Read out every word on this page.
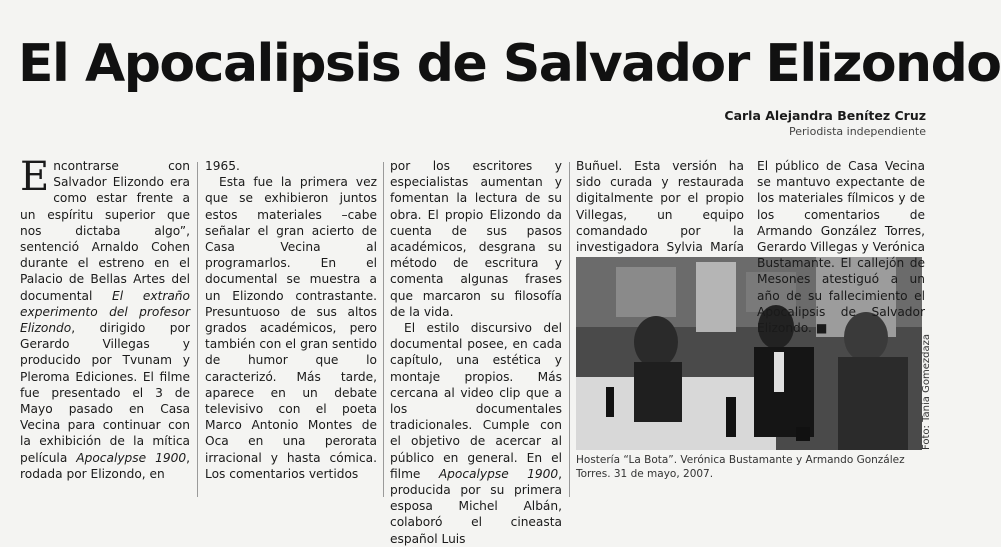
El Apocalipsis de Salvador Elizondo
Carla Alejandra Benítez Cruz
Periodista independiente

Encontrarse con Salvador Elizondo era como estar frente a un espíritu superior que nos dictaba algo”, sentenció Arnaldo Cohen durante el estreno en el Palacio de Bellas Artes del documental El extraño experimento del profesor Elizondo, dirigido por Gerardo Villegas y producido por Tvunam y Pleroma Ediciones. El filme fue presentado el 3 de Mayo pasado en Casa Vecina para continuar con la exhibición de la mítica película Apocalypse 1900, rodada por Elizondo, en

1965.

Esta fue la primera vez que se exhibieron juntos estos materiales –cabe señalar el gran acierto de Casa Vecina al programarlos. En el documental se muestra a un Elizondo contrastante. Presuntuoso de sus altos grados académicos, pero también con el gran sentido de humor que lo caracterizó. Más tarde, aparece en un debate televisivo con el poeta Marco Antonio Montes de Oca en una perorata irracional y hasta cómica. Los comentarios vertidos

por los escritores y especialistas aumentan y fomentan la lectura de su obra. El propio Elizondo da cuenta de sus pasos académicos, desgrana su método de escritura y comenta algunas frases que marcaron su filosofía de la vida.

El estilo discursivo del documental posee, en cada capítulo, una estética y montaje propios. Más cercana al video clip que a los documentales tradicionales. Cumple con el objetivo de acercar al público en general. En el filme Apocalypse 1900, producida por su primera esposa Michel Albán, colaboró el cineasta español Luis

Buñuel. Esta versión ha sido curada y restaurada digitalmente por el propio Villegas, un equipo comandado por la investigadora Sylvia María

Foto: Tania Gomezdaza
Hostería “La Bota”. Verónica Bustamante y Armando González Torres. 31 de mayo, 2007.

El público de Casa Vecina se mantuvo expectante de los materiales fílmicos y de los comentarios de Armando González Torres, Gerardo Villegas y Verónica Bustamante. El callejón de Mesones atestiguó a un año de su fallecimiento el Apocalipsis de Salvador Elizondo. ■
